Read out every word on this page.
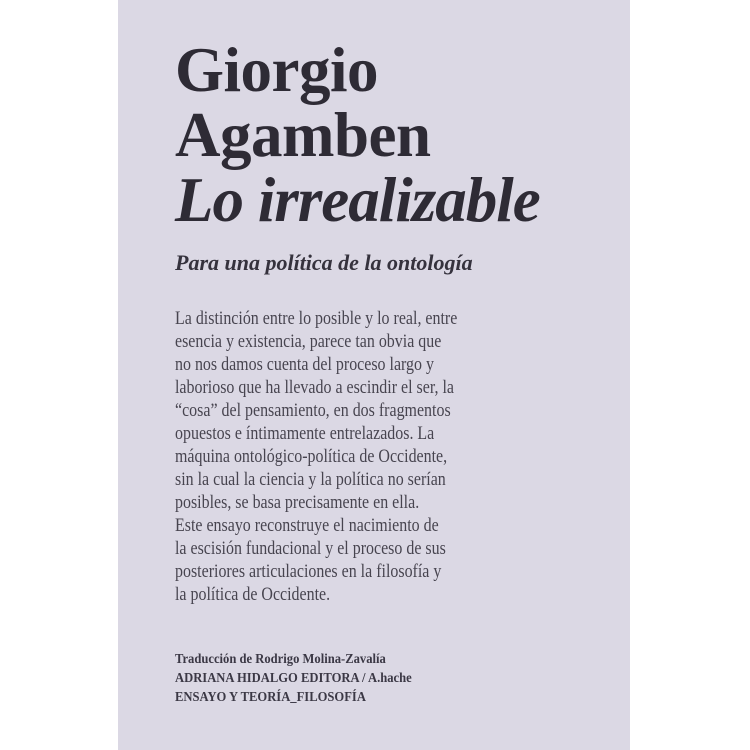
Giorgio
Agamben
Lo irrealizable
Para una política de la ontología
La distinción entre lo posible y lo real, entre
esencia y existencia, parece tan obvia que
no nos damos cuenta del proceso largo y
laborioso que ha llevado a escindir el ser, la
“cosa” del pensamiento, en dos fragmentos
opuestos e íntimamente entrelazados. La
máquina ontológico-política de Occidente,
sin la cual la ciencia y la política no serían
posibles, se basa precisamente en ella.
Este ensayo reconstruye el nacimiento de
la escisión fundacional y el proceso de sus
posteriores articulaciones en la filosofía y
la política de Occidente.
Traducción de Rodrigo Molina-Zavalía
ADRIANA HIDALGO EDITORA / A.hache
ENSAYO Y TEORÍA_FILOSOFÍA
